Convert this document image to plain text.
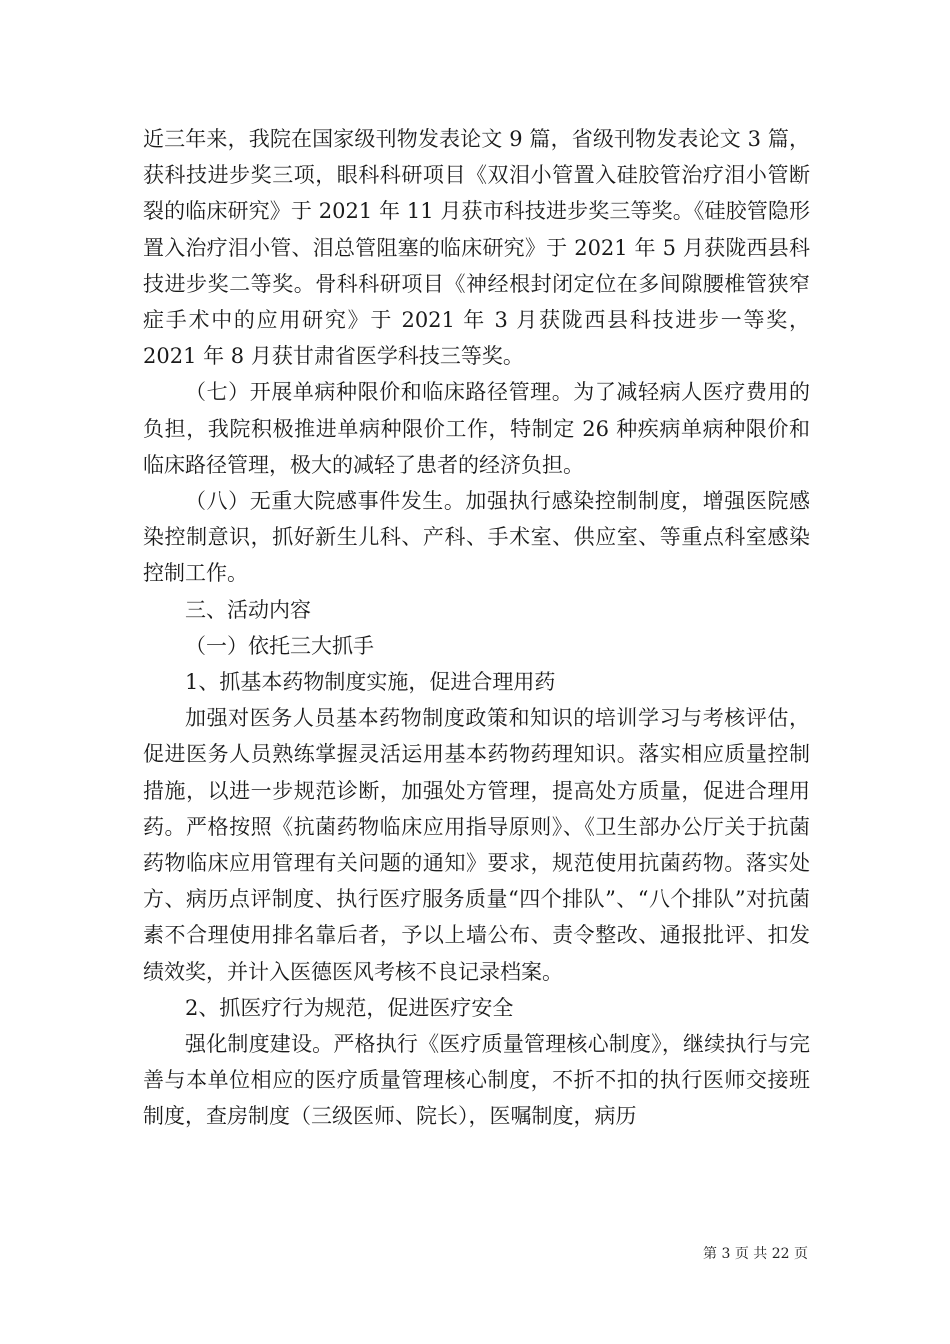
近三年来，我院在国家级刊物发表论文 9 篇，省级刊物发表论文 3 篇，获科技进步奖三项，眼科科研项目《双泪小管置入硅胶管治疗泪小管断裂的临床研究》于 2021 年 11 月获市科技进步奖三等奖。《硅胶管隐形置入治疗泪小管、泪总管阻塞的临床研究》于 2021 年 5 月获陇西县科技进步奖二等奖。骨科科研项目《神经根封闭定位在多间隙腰椎管狭窄症手术中的应用研究》于 2021 年 3 月获陇西县科技进步一等奖，2021 年 8 月获甘肃省医学科技三等奖。

（七）开展单病种限价和临床路径管理。为了减轻病人医疗费用的负担，我院积极推进单病种限价工作，特制定 26 种疾病单病种限价和临床路径管理，极大的减轻了患者的经济负担。

（八）无重大院感事件发生。加强执行感染控制制度，增强医院感染控制意识，抓好新生儿科、产科、手术室、供应室、等重点科室感染控制工作。

三、活动内容

（一）依托三大抓手

1、抓基本药物制度实施，促进合理用药

加强对医务人员基本药物制度政策和知识的培训学习与考核评估，促进医务人员熟练掌握灵活运用基本药物药理知识。落实相应质量控制措施，以进一步规范诊断，加强处方管理，提高处方质量，促进合理用药。严格按照《抗菌药物临床应用指导原则》、《卫生部办公厅关于抗菌药物临床应用管理有关问题的通知》要求，规范使用抗菌药物。落实处方、病历点评制度、执行医疗服务质量“四个排队”、“八个排队”对抗菌素不合理使用排名靠后者，予以上墙公布、责令整改、通报批评、扣发绩效奖，并计入医德医风考核不良记录档案。

2、抓医疗行为规范，促进医疗安全

强化制度建设。严格执行《医疗质量管理核心制度》，继续执行与完善与本单位相应的医疗质量管理核心制度，不折不扣的执行医师交接班制度，查房制度（三级医师、院长），医嘱制度，病历

第 3 页 共 22 页
